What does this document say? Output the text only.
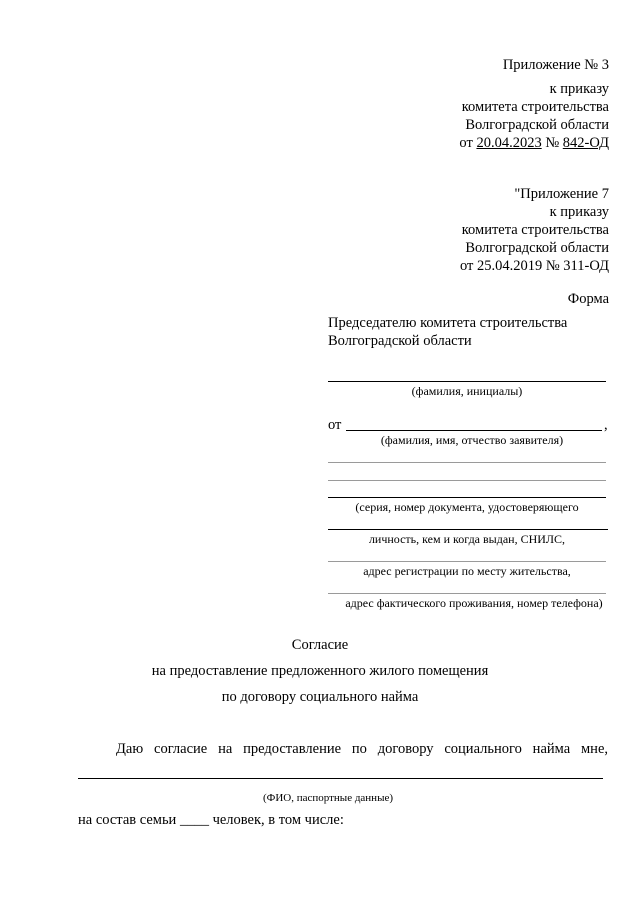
Приложение № 3
к приказу
комитета строительства
Волгоградской области
от 20.04.2023 № 842-ОД
"Приложение 7
к приказу
комитета строительства
Волгоградской области
от 25.04.2019 № 311-ОД
Форма
Председателю комитета строительства
Волгоградской области
(фамилия, инициалы)
от	,
(фамилия, имя, отчество заявителя)
(серия, номер документа, удостоверяющего
личность, кем и когда выдан, СНИЛС,
адрес регистрации по месту жительства,
адрес фактического проживания, номер телефона)
Согласие
на предоставление предложенного жилого помещения
по договору социального найма
Даю согласие на предоставление по договору социального найма мне,
(ФИО, паспортные данные)
на состав семьи ____ человек, в том числе:
